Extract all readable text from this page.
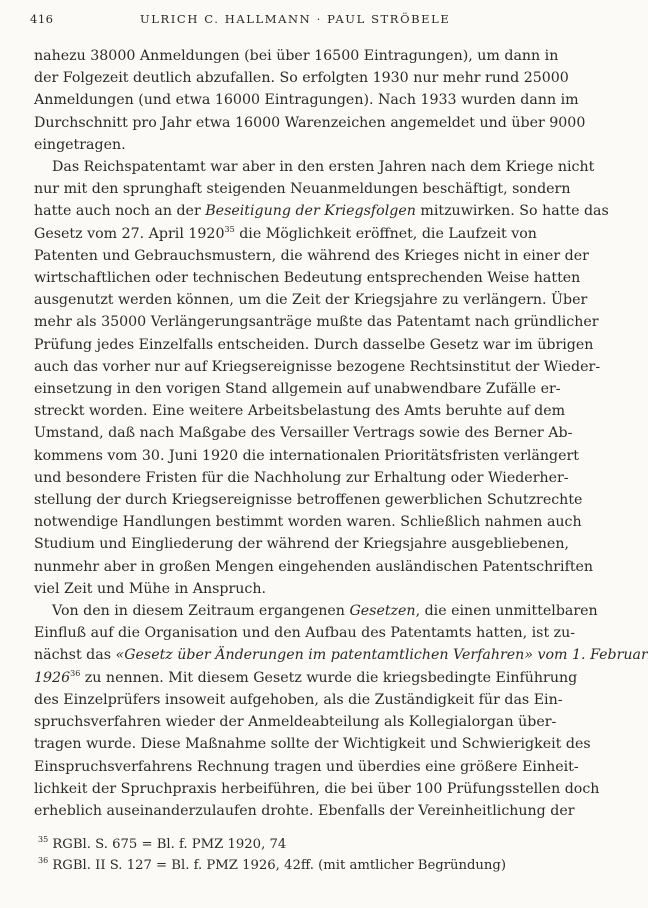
416	ULRICH C. HALLMANN · PAUL STRÖBELE

nahezu 38000 Anmeldungen (bei über 16500 Eintragungen), um dann in

der Folgezeit deutlich abzufallen. So erfolgten 1930 nur mehr rund 25000

Anmeldungen (und etwa 16000 Eintragungen). Nach 1933 wurden dann im

Durchschnitt pro Jahr etwa 16000 Warenzeichen angemeldet und über 9000

eingetragen.

Das Reichspatentamt war aber in den ersten Jahren nach dem Kriege nicht

nur mit den sprunghaft steigenden Neuanmeldungen beschäftigt, sondern

hatte auch noch an der Beseitigung der Kriegsfolgen mitzuwirken. So hatte das

Gesetz vom 27. April 1920$^{35}$ die Möglichkeit eröffnet, die Laufzeit von

Patenten und Gebrauchsmustern, die während des Krieges nicht in einer der

wirtschaftlichen oder technischen Bedeutung entsprechenden Weise hatten

ausgenutzt werden können, um die Zeit der Kriegsjahre zu verlängern. Über

mehr als 35000 Verlängerungsanträge mußte das Patentamt nach gründlicher

Prüfung jedes Einzelfalls entscheiden. Durch dasselbe Gesetz war im übrigen

auch das vorher nur auf Kriegsereignisse bezogene Rechtsinstitut der Wieder-

einsetzung in den vorigen Stand allgemein auf unabwendbare Zufälle er-

streckt worden. Eine weitere Arbeitsbelastung des Amts beruhte auf dem

Umstand, daß nach Maßgabe des Versailler Vertrags sowie des Berner Ab-

kommens vom 30. Juni 1920 die internationalen Prioritätsfristen verlängert

und besondere Fristen für die Nachholung zur Erhaltung oder Wiederher-

stellung der durch Kriegsereignisse betroffenen gewerblichen Schutzrechte

notwendige Handlungen bestimmt worden waren. Schließlich nahmen auch

Studium und Eingliederung der während der Kriegsjahre ausgebliebenen,

nunmehr aber in großen Mengen eingehenden ausländischen Patentschriften

viel Zeit und Mühe in Anspruch.

Von den in diesem Zeitraum ergangenen Gesetzen, die einen unmittelbaren

Einfluß auf die Organisation und den Aufbau des Patentamts hatten, ist zu-

nächst das «Gesetz über Änderungen im patentamtlichen Verfahren» vom 1. Februar

1926$^{36}$ zu nennen. Mit diesem Gesetz wurde die kriegsbedingte Einführung

des Einzelprüfers insoweit aufgehoben, als die Zuständigkeit für das Ein-

spruchsverfahren wieder der Anmeldeabteilung als Kollegialorgan über-

tragen wurde. Diese Maßnahme sollte der Wichtigkeit und Schwierigkeit des

Einspruchsverfahrens Rechnung tragen und überdies eine größere Einheit-

lichkeit der Spruchpraxis herbeiführen, die bei über 100 Prüfungsstellen doch

erheblich auseinanderzulaufen drohte. Ebenfalls der Vereinheitlichung der

$^{35}$ RGBl. S. 675 = Bl. f. PMZ 1920, 74
$^{36}$ RGBl. II S. 127 = Bl. f. PMZ 1926, 42ff. (mit amtlicher Begründung)
